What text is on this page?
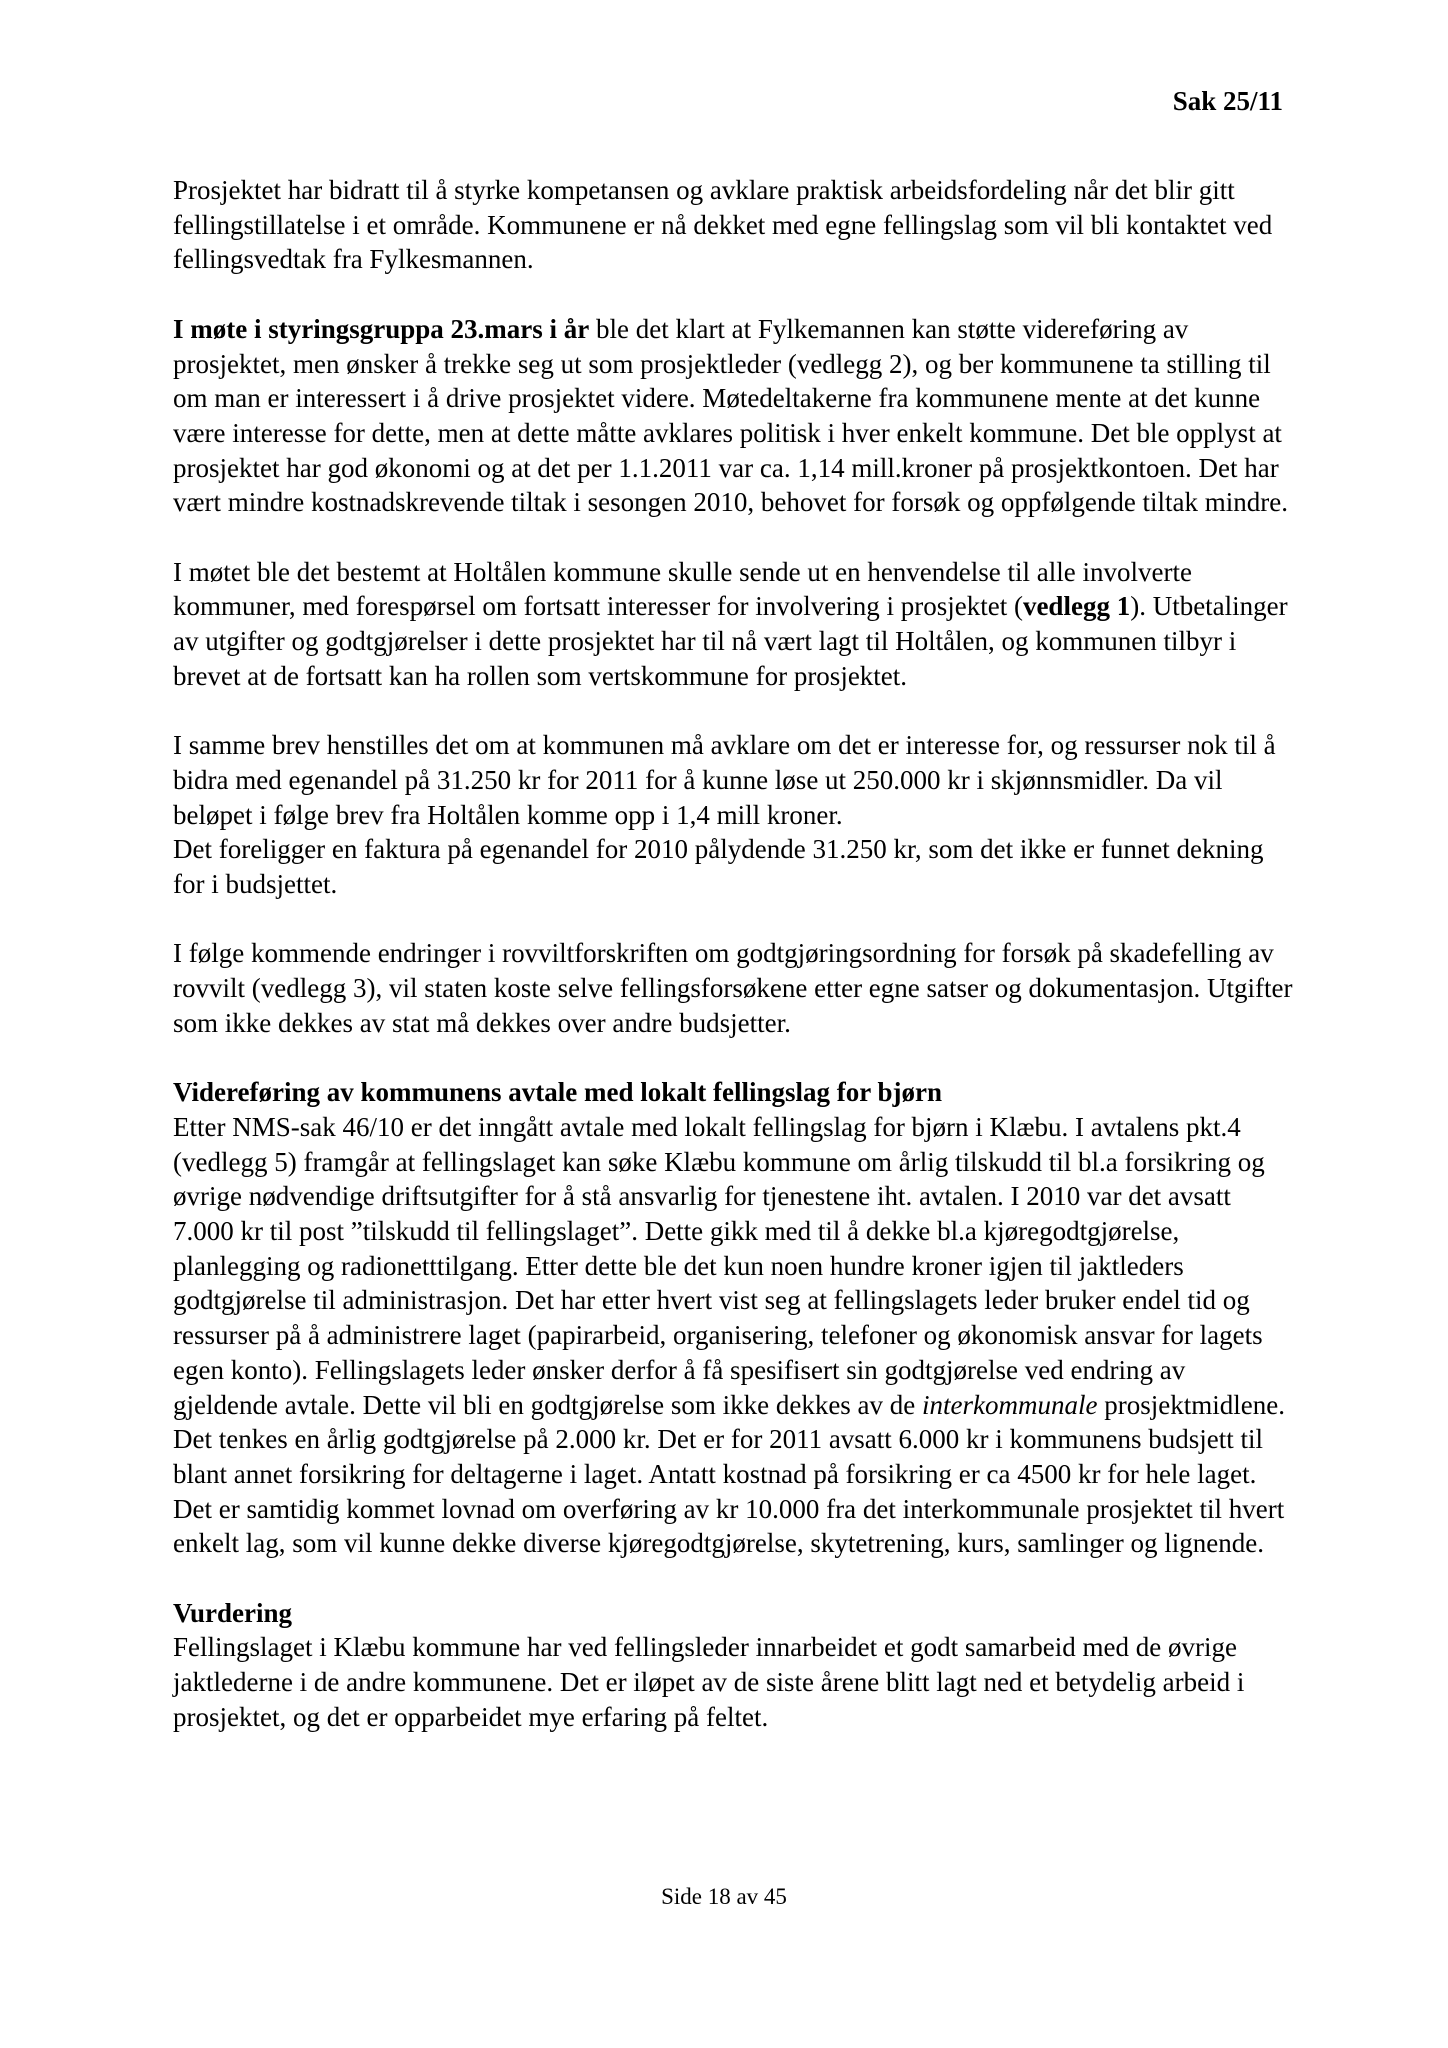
Sak 25/11

Prosjektet har bidratt til å styrke kompetansen og avklare praktisk arbeidsfordeling når det blir gitt fellingstillatelse i et område. Kommunene er nå dekket med egne fellingslag som vil bli kontaktet ved fellingsvedtak fra Fylkesmannen.

I møte i styringsgruppa 23.mars i år ble det klart at Fylkemannen kan støtte videreføring av prosjektet, men ønsker å trekke seg ut som prosjektleder (vedlegg 2), og ber kommunene ta stilling til om man er interessert i å drive prosjektet videre. Møtedeltakerne fra kommunene mente at det kunne være interesse for dette, men at dette måtte avklares politisk i hver enkelt kommune. Det ble opplyst at prosjektet har god økonomi og at det per 1.1.2011 var ca. 1,14 mill.kroner på prosjektkontoen. Det har vært mindre kostnadskrevende tiltak i sesongen 2010, behovet for forsøk og oppfølgende tiltak mindre.

I møtet ble det bestemt at Holtålen kommune skulle sende ut en henvendelse til alle involverte kommuner, med forespørsel om fortsatt interesser for involvering i prosjektet (vedlegg 1). Utbetalinger av utgifter og godtgjørelser i dette prosjektet har til nå vært lagt til Holtålen, og kommunen tilbyr i brevet at de fortsatt kan ha rollen som vertskommune for prosjektet.

I samme brev henstilles det om at kommunen må avklare om det er interesse for, og ressurser nok til å bidra med egenandel på 31.250 kr for 2011 for å kunne løse ut 250.000 kr i skjønnsmidler. Da vil beløpet i følge brev fra Holtålen komme opp i 1,4 mill kroner.

Det foreligger en faktura på egenandel for 2010 pålydende 31.250 kr, som det ikke er funnet dekning for i budsjettet.

I følge kommende endringer i rovviltforskriften om godtgjøringsordning for forsøk på skadefelling av rovvilt (vedlegg 3), vil staten koste selve fellingsforsøkene etter egne satser og dokumentasjon. Utgifter som ikke dekkes av stat må dekkes over andre budsjetter.

Videreføring av kommunens avtale med lokalt fellingslag for bjørn

Etter NMS-sak 46/10 er det inngått avtale med lokalt fellingslag for bjørn i Klæbu. I avtalens pkt.4 (vedlegg 5) framgår at fellingslaget kan søke Klæbu kommune om årlig tilskudd til bl.a forsikring og øvrige nødvendige driftsutgifter for å stå ansvarlig for tjenestene iht. avtalen. I 2010 var det avsatt 7.000 kr til post ”tilskudd til fellingslaget”. Dette gikk med til å dekke bl.a kjøregodtgjørelse, planlegging og radionetttilgang. Etter dette ble det kun noen hundre kroner igjen til jaktleders godtgjørelse til administrasjon. Det har etter hvert vist seg at fellingslagets leder bruker endel tid og ressurser på å administrere laget (papirarbeid, organisering, telefoner og økonomisk ansvar for lagets egen konto). Fellingslagets leder ønsker derfor å få spesifisert sin godtgjørelse ved endring av gjeldende avtale. Dette vil bli en godtgjørelse som ikke dekkes av de interkommunale prosjektmidlene. Det tenkes en årlig godtgjørelse på 2.000 kr. Det er for 2011 avsatt 6.000 kr i kommunens budsjett til blant annet forsikring for deltagerne i laget. Antatt kostnad på forsikring er ca 4500 kr for hele laget. Det er samtidig kommet lovnad om overføring av kr 10.000 fra det interkommunale prosjektet til hvert enkelt lag, som vil kunne dekke diverse kjøregodtgjørelse, skytetrening, kurs, samlinger og lignende.

Vurdering

Fellingslaget i Klæbu kommune har ved fellingsleder innarbeidet et godt samarbeid med de øvrige jaktlederne i de andre kommunene. Det er iløpet av de siste årene blitt lagt ned et betydelig arbeid i prosjektet, og det er opparbeidet mye erfaring på feltet.

Side 18 av 45
